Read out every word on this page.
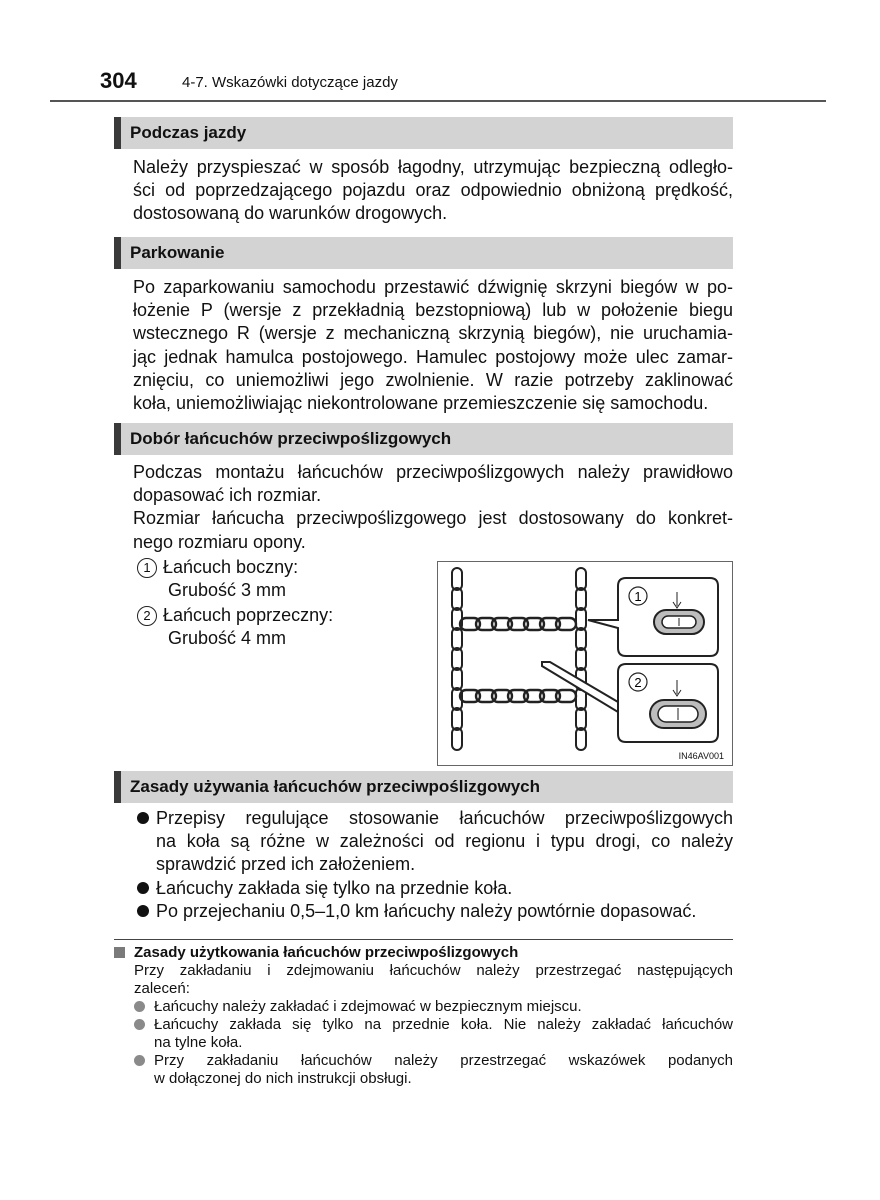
304	4-7. Wskazówki dotyczące jazdy
Podczas jazdy
Należy przyspieszać w sposób łagodny, utrzymując bezpieczną odległo-
ści od poprzedzającego pojazdu oraz odpowiednio obniżoną prędkość,
dostosowaną do warunków drogowych.
Parkowanie
Po zaparkowaniu samochodu przestawić dźwignię skrzyni biegów w po-
łożenie P (wersje z przekładnią bezstopniową) lub w położenie biegu
wstecznego R (wersje z mechaniczną skrzynią biegów), nie uruchamia-
jąc jednak hamulca postojowego. Hamulec postojowy może ulec zamar-
znięciu, co uniemożliwi jego zwolnienie. W razie potrzeby zaklinować
koła, uniemożliwiając niekontrolowane przemieszczenie się samochodu.
Dobór łańcuchów przeciwpoślizgowych
Podczas montażu łańcuchów przeciwpoślizgowych należy prawidłowo
dopasować ich rozmiar.
Rozmiar łańcucha przeciwpoślizgowego jest dostosowany do konkret-
nego rozmiaru opony.
1 Łańcuch boczny:
Grubość 3 mm
2 Łańcuch poprzeczny:
Grubość 4 mm
1
2
IN46AV001
Zasady używania łańcuchów przeciwpoślizgowych
Przepisy regulujące stosowanie łańcuchów przeciwpoślizgowych
na koła są różne w zależności od regionu i typu drogi, co należy
sprawdzić przed ich założeniem.
Łańcuchy zakłada się tylko na przednie koła.
Po przejechaniu 0,5–1,0 km łańcuchy należy powtórnie dopasować.
Zasady użytkowania łańcuchów przeciwpoślizgowych
Przy zakładaniu i zdejmowaniu łańcuchów należy przestrzegać następujących
zaleceń:
Łańcuchy należy zakładać i zdejmować w bezpiecznym miejscu.
Łańcuchy zakłada się tylko na przednie koła. Nie należy zakładać łańcuchów
na tylne koła.
Przy zakładaniu łańcuchów należy przestrzegać wskazówek podanych
w dołączonej do nich instrukcji obsługi.
